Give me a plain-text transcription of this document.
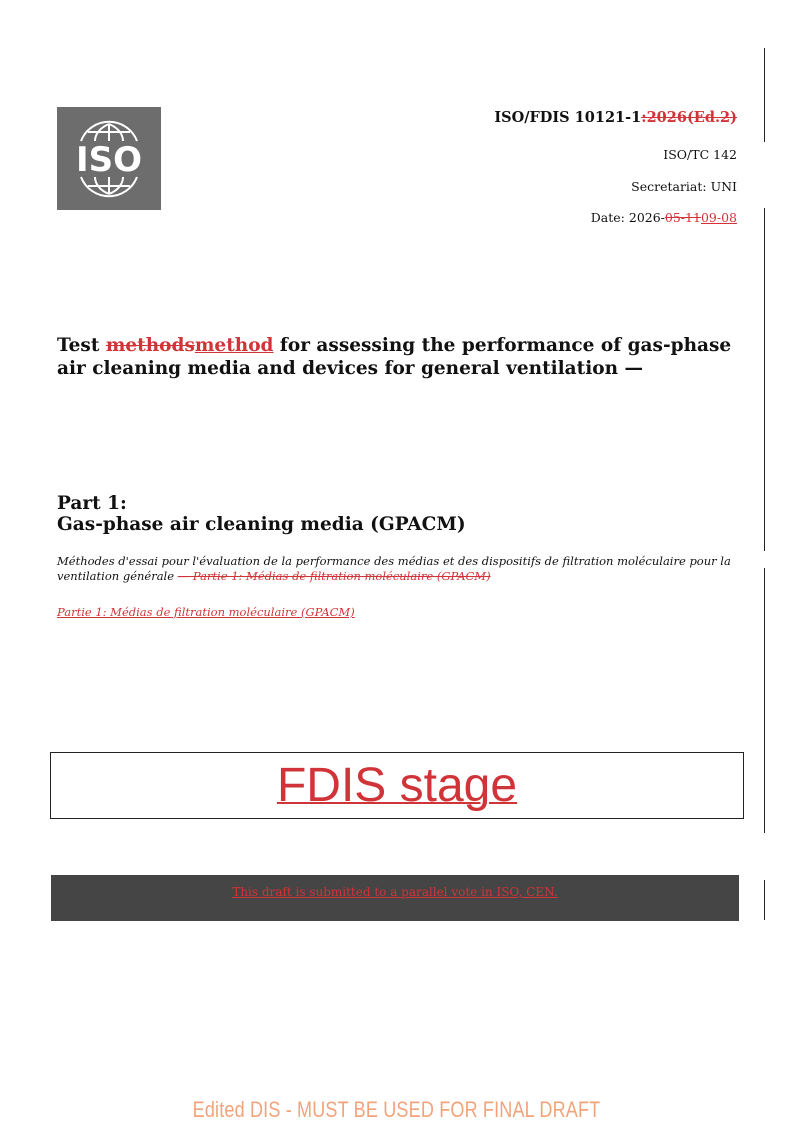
ISO
ISO/FDIS 10121-1:2026(Ed.2)
ISO/TC 142
Secretariat: UNI
Date: 2026-05-1109-08
Test methodsmethod for assessing the performance of gas-phase air cleaning media and devices for general ventilation —
Part 1:
Gas-phase air cleaning media (GPACM)
Méthodes d'essai pour l'évaluation de la performance des médias et des dispositifs de filtration moléculaire pour la ventilation générale — Partie 1: Médias de filtration moléculaire (GPACM)
Partie 1: Médias de filtration moléculaire (GPACM)
FDIS stage
This draft is submitted to a parallel vote in ISO, CEN.
Edited DIS - MUST BE USED FOR FINAL DRAFT
